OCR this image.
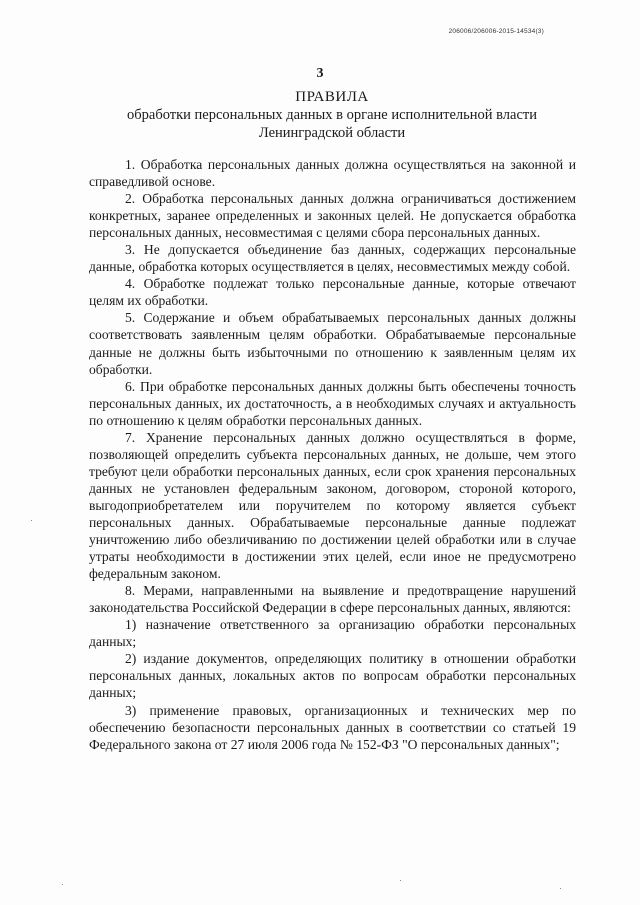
206006/206006-2015-14534(3)
3
ПРАВИЛА
обработки персональных данных в органе исполнительной власти
Ленинградской области

1. Обработка персональных данных должна осуществляться на законной и справедливой основе.

2. Обработка персональных данных должна ограничиваться достижением конкретных, заранее определенных и законных целей. Не допускается обработка персональных данных, несовместимая с целями сбора персональных данных.

3. Не допускается объединение баз данных, содержащих персональные данные, обработка которых осуществляется в целях, несовместимых между собой.

4. Обработке подлежат только персональные данные, которые отвечают целям их обработки.

5. Содержание и объем обрабатываемых персональных данных должны соответствовать заявленным целям обработки. Обрабатываемые персональные данные не должны быть избыточными по отношению к заявленным целям их обработки.

6. При обработке персональных данных должны быть обеспечены точность персональных данных, их достаточность, а в необходимых случаях и актуальность по отношению к целям обработки персональных данных.

7. Хранение персональных данных должно осуществляться в форме, позволяющей определить субъекта персональных данных, не дольше, чем этого требуют цели обработки персональных данных, если срок хранения персональных данных не установлен федеральным законом, договором, стороной которого, выгодоприобретателем или поручителем по которому является субъект персональных данных. Обрабатываемые персональные данные подлежат уничтожению либо обезличиванию по достижении целей обработки или в случае утраты необходимости в достижении этих целей, если иное не предусмотрено федеральным законом.

8. Мерами, направленными на выявление и предотвращение нарушений законодательства Российской Федерации в сфере персональных данных, являются:

1) назначение ответственного за организацию обработки персональных данных;

2) издание документов, определяющих политику в отношении обработки персональных данных, локальных актов по вопросам обработки персональных данных;

3) применение правовых, организационных и технических мер по обеспечению безопасности персональных данных в соответствии со статьей 19 Федерального закона от 27 июля 2006 года № 152-ФЗ "О персональных данных";
